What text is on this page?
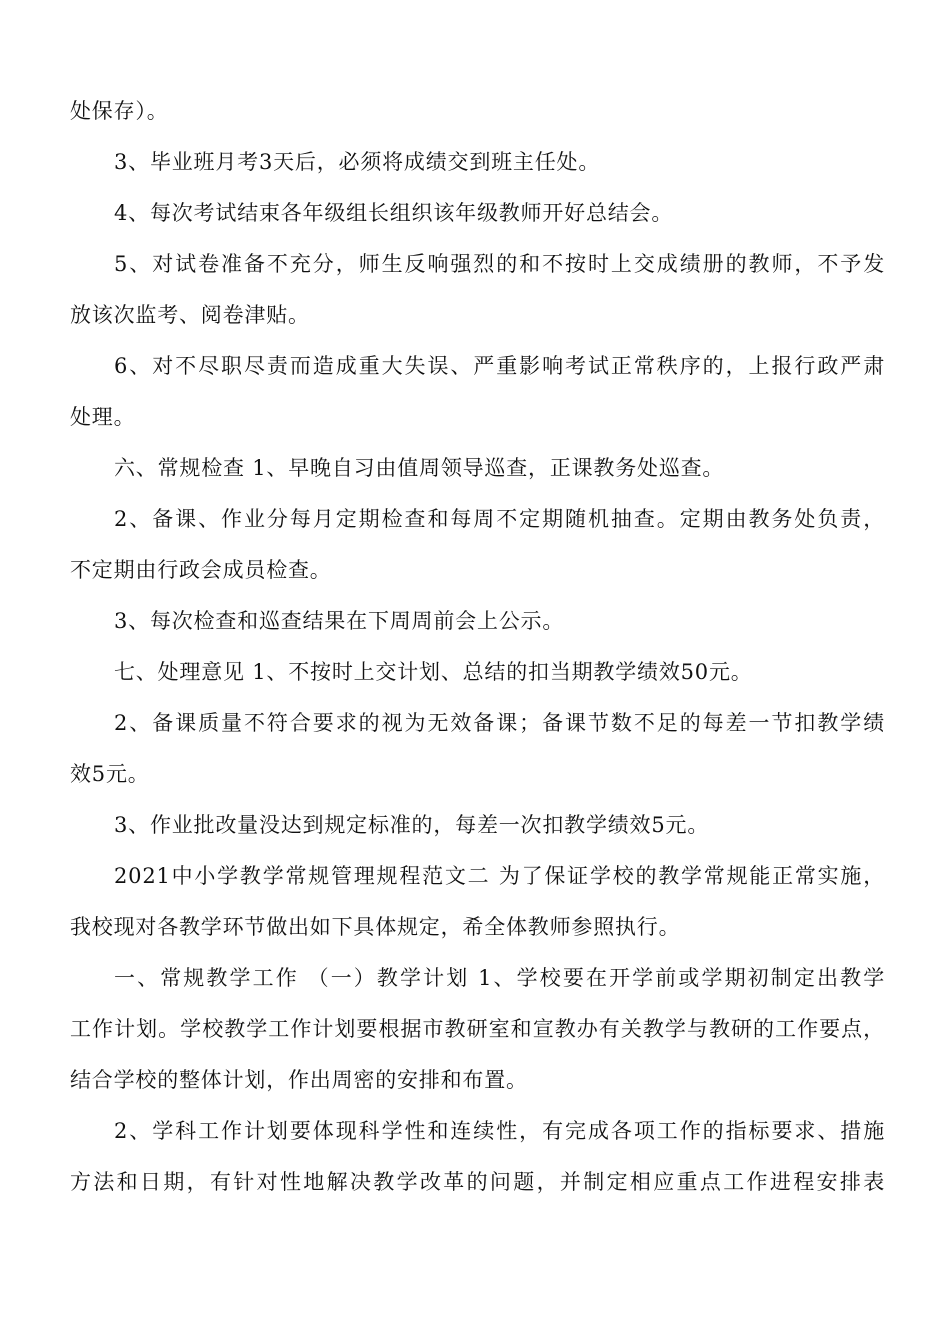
处保存）。
3、毕业班月考3天后，必须将成绩交到班主任处。
4、每次考试结束各年级组长组织该年级教师开好总结会。
5、对试卷准备不充分，师生反响强烈的和不按时上交成绩册的教师，不予发
放该次监考、阅卷津贴。
6、对不尽职尽责而造成重大失误、严重影响考试正常秩序的，上报行政严肃
处理。
六、常规检查 1、早晚自习由值周领导巡查，正课教务处巡查。
2、备课、作业分每月定期检查和每周不定期随机抽查。定期由教务处负责，
不定期由行政会成员检查。
3、每次检查和巡查结果在下周周前会上公示。
七、处理意见 1、不按时上交计划、总结的扣当期教学绩效50元。
2、备课质量不符合要求的视为无效备课；备课节数不足的每差一节扣教学绩
效5元。
3、作业批改量没达到规定标准的，每差一次扣教学绩效5元。
2021中小学教学常规管理规程范文二 为了保证学校的教学常规能正常实施，
我校现对各教学环节做出如下具体规定，希全体教师参照执行。
一、常规教学工作 （一）教学计划 1、学校要在开学前或学期初制定出教学
工作计划。学校教学工作计划要根据市教研室和宣教办有关教学与教研的工作要点，
结合学校的整体计划，作出周密的安排和布置。
2、学科工作计划要体现科学性和连续性，有完成各项工作的指标要求、措施
方法和日期，有针对性地解决教学改革的问题，并制定相应重点工作进程安排表
